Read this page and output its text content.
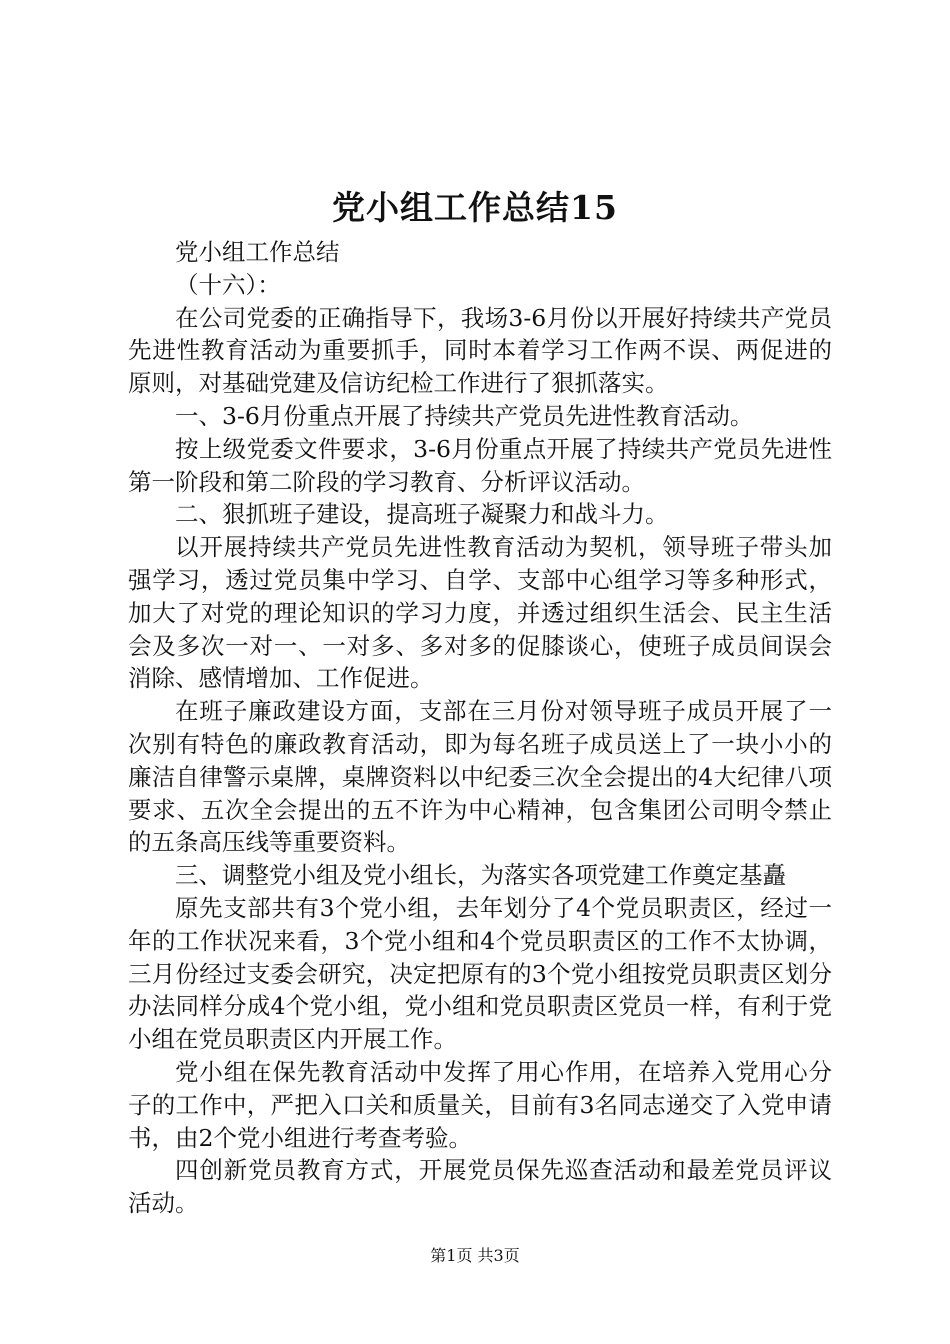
党小组工作总结15

党小组工作总结

（十六）：

在公司党委的正确指导下，我场3-6月份以开展好持续共产党员先进性教育活动为重要抓手，同时本着学习工作两不误、两促进的原则，对基础党建及信访纪检工作进行了狠抓落实。

一、3-6月份重点开展了持续共产党员先进性教育活动。

按上级党委文件要求，3-6月份重点开展了持续共产党员先进性第一阶段和第二阶段的学习教育、分析评议活动。

二、狠抓班子建设，提高班子凝聚力和战斗力。

以开展持续共产党员先进性教育活动为契机，领导班子带头加强学习，透过党员集中学习、自学、支部中心组学习等多种形式，加大了对党的理论知识的学习力度，并透过组织生活会、民主生活会及多次一对一、一对多、多对多的促膝谈心，使班子成员间误会消除、感情增加、工作促进。

在班子廉政建设方面，支部在三月份对领导班子成员开展了一次别有特色的廉政教育活动，即为每名班子成员送上了一块小小的廉洁自律警示桌牌，桌牌资料以中纪委三次全会提出的4大纪律八项要求、五次全会提出的五不许为中心精神，包含集团公司明令禁止的五条高压线等重要资料。

三、调整党小组及党小组长，为落实各项党建工作奠定基矗

原先支部共有3个党小组，去年划分了4个党员职责区，经过一年的工作状况来看，3个党小组和4个党员职责区的工作不太协调，三月份经过支委会研究，决定把原有的3个党小组按党员职责区划分办法同样分成4个党小组，党小组和党员职责区党员一样，有利于党小组在党员职责区内开展工作。

党小组在保先教育活动中发挥了用心作用，在培养入党用心分子的工作中，严把入口关和质量关，目前有3名同志递交了入党申请书，由2个党小组进行考查考验。

四创新党员教育方式，开展党员保先巡查活动和最差党员评议活动。

第1页 共3页
